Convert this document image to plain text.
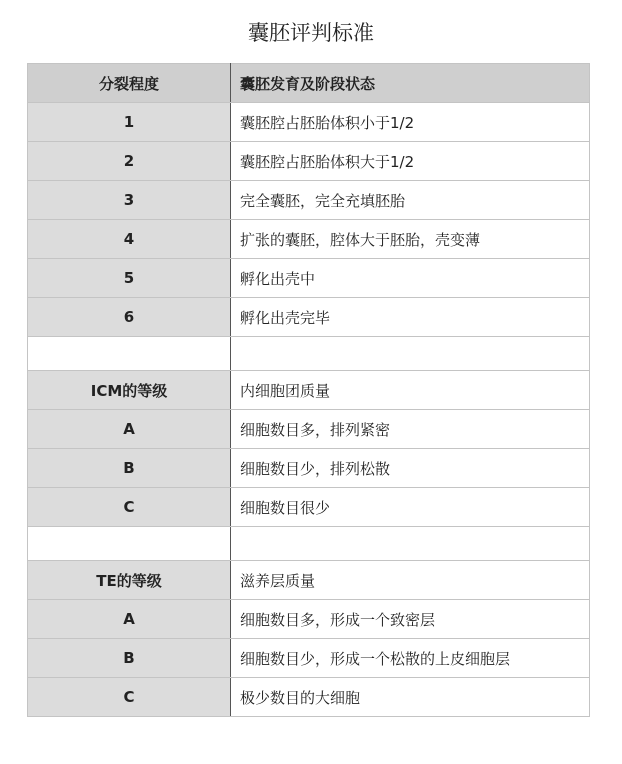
囊胚评判标准
分裂程度	囊胚发育及阶段状态
1	囊胚腔占胚胎体积小于1/2
2	囊胚腔占胚胎体积大于1/2
3	完全囊胚，完全充填胚胎
4	扩张的囊胚，腔体大于胚胎，壳变薄
5	孵化出壳中
6	孵化出壳完毕

ICM的等级	内细胞团质量
A	细胞数目多，排列紧密
B	细胞数目少，排列松散
C	细胞数目很少

TE的等级	滋养层质量
A	细胞数目多，形成一个致密层
B	细胞数目少，形成一个松散的上皮细胞层
C	极少数目的大细胞
